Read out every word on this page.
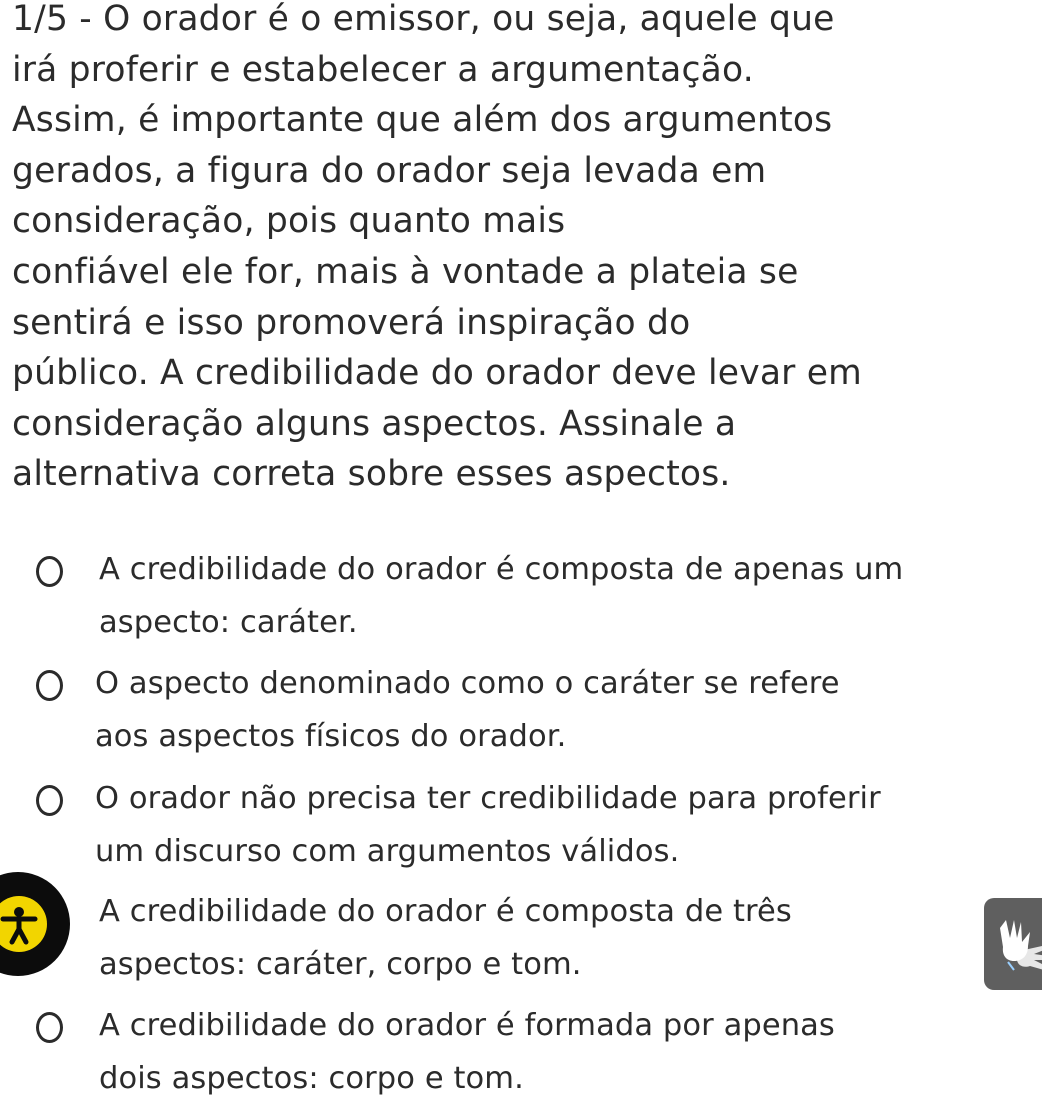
1/5 - O orador é o emissor, ou seja, aquele que
irá proferir e estabelecer a argumentação.
Assim, é importante que além dos argumentos
gerados, a figura do orador seja levada em
consideração, pois quanto mais
confiável ele for, mais à vontade a plateia se
sentirá e isso promoverá inspiração do
público. A credibilidade do orador deve levar em
consideração alguns aspectos. Assinale a
alternativa correta sobre esses aspectos.
A credibilidade do orador é composta de apenas um
aspecto: caráter.
O aspecto denominado como o caráter se refere
aos aspectos físicos do orador.
O orador não precisa ter credibilidade para proferir
um discurso com argumentos válidos.
A credibilidade do orador é composta de três
aspectos: caráter, corpo e tom.
A credibilidade do orador é formada por apenas
dois aspectos: corpo e tom.
